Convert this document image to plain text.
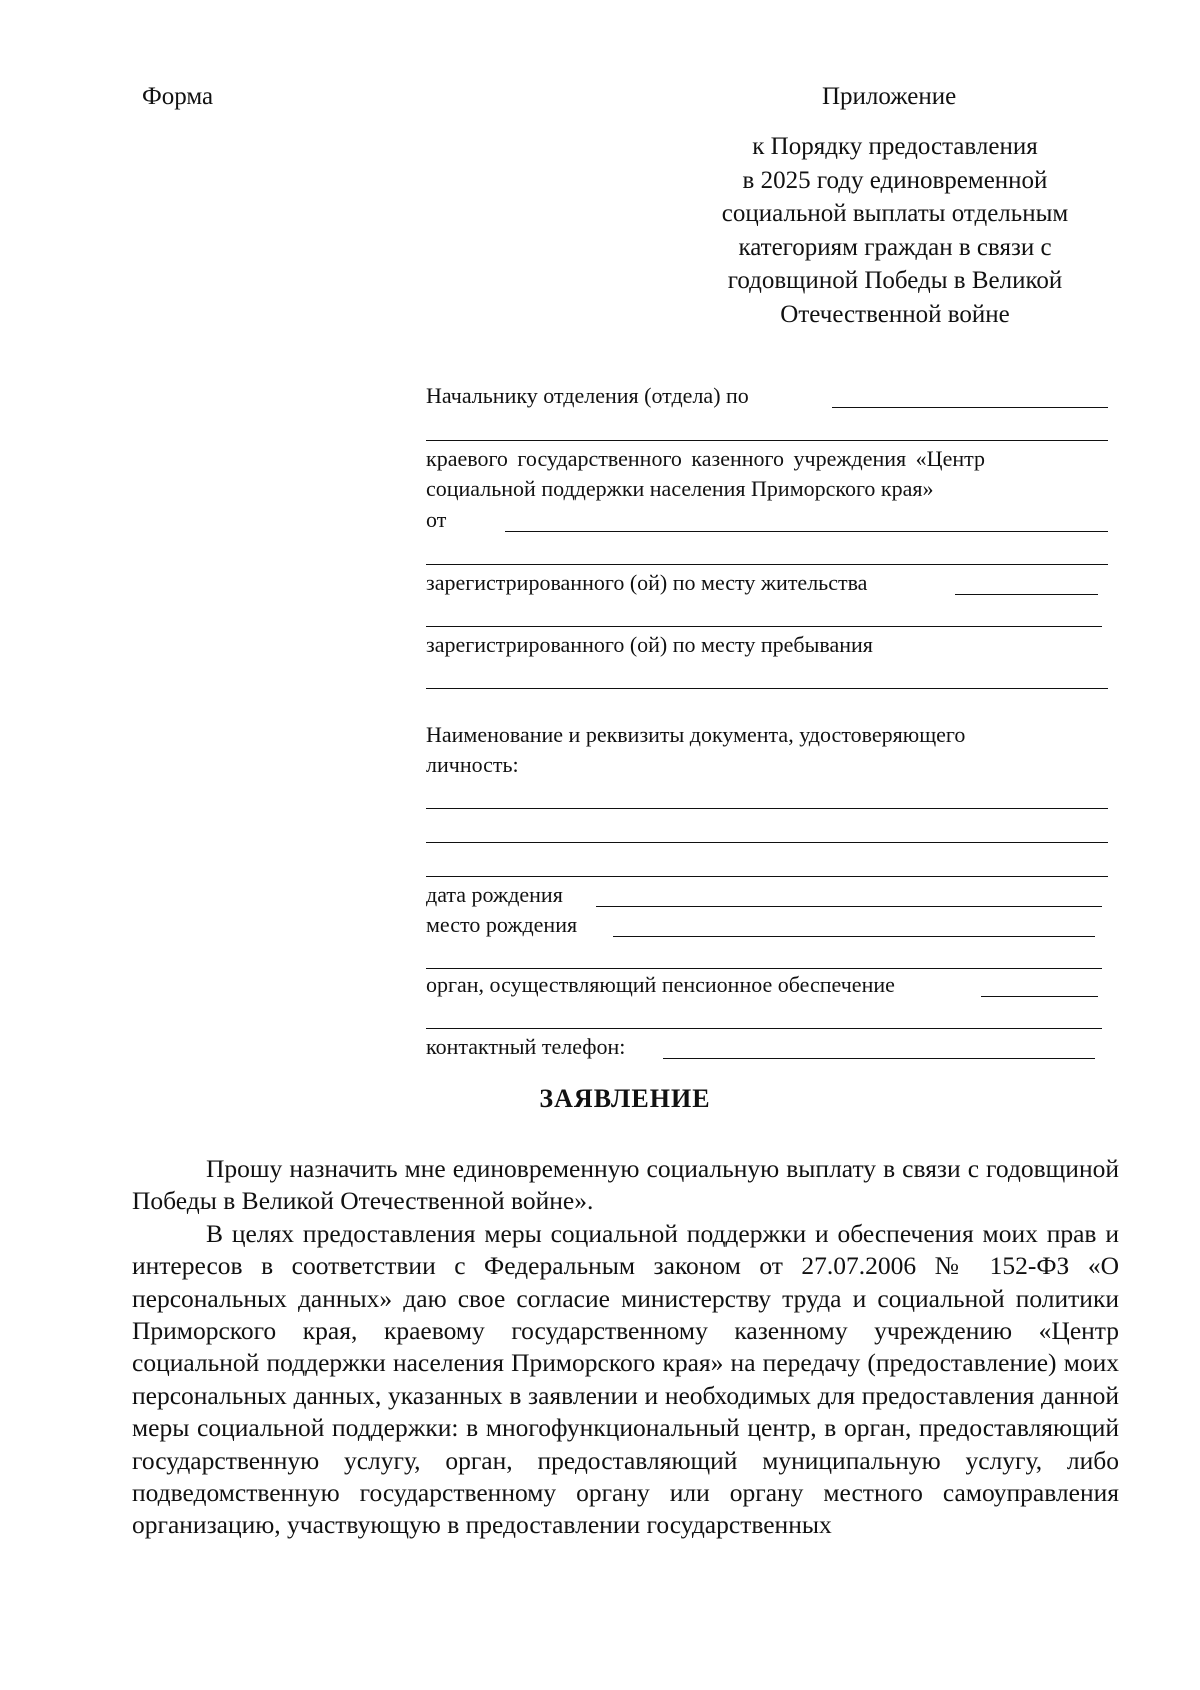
Форма	Приложение
к Порядку предоставления
в 2025 году единовременной
социальной выплаты отдельным
категориям граждан в связи с
годовщиной Победы в Великой
Отечественной войне
Начальнику отделения (отдела) по
краевого государственного казенного учреждения «Центр
социальной поддержки населения Приморского края»
от
зарегистрированного (ой) по месту жительства
зарегистрированного (ой) по месту пребывания
Наименование и реквизиты документа, удостоверяющего
личность:
дата рождения
место рождения
орган, осуществляющий пенсионное обеспечение
контактный телефон:
ЗАЯВЛЕНИЕ

Прошу назначить мне единовременную социальную выплату в связи с годовщиной Победы в Великой Отечественной войне».

В целях предоставления меры социальной поддержки и обеспечения моих прав и интересов в соответствии с Федеральным законом от 27.07.2006 № 152-ФЗ «О персональных данных» даю свое согласие министерству труда и социальной политики Приморского края, краевому государственному казенному учреждению «Центр социальной поддержки населения Приморского края» на передачу (предоставление) моих персональных данных, указанных в заявлении и необходимых для предоставления данной меры социальной поддержки: в многофункциональный центр, в орган, предоставляющий государственную услугу, орган, предоставляющий муниципальную услугу, либо подведомственную государственному органу или органу местного самоуправления организацию, участвующую в предоставлении государственных
